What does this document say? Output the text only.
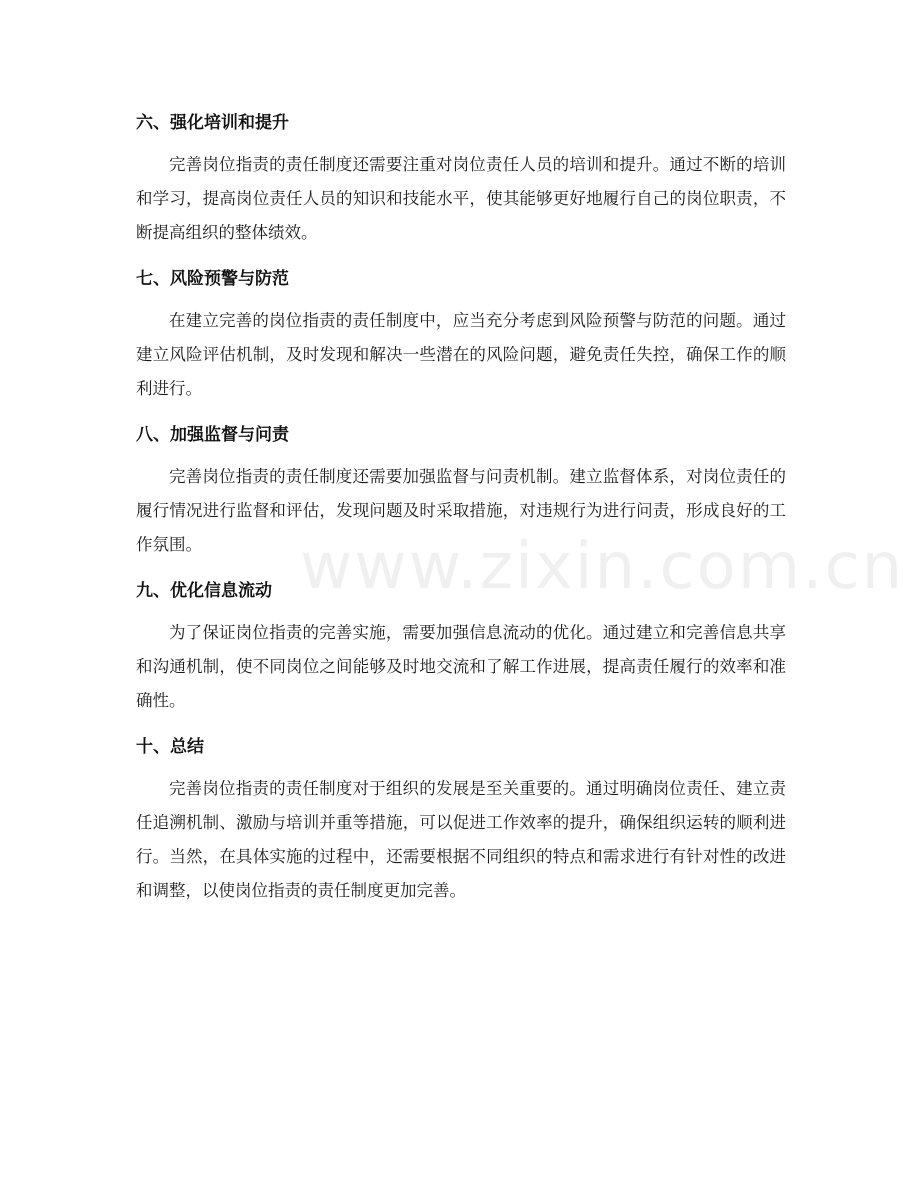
六、强化培训和提升

完善岗位指责的责任制度还需要注重对岗位责任人员的培训和提升。通过不断的培训和学习，提高岗位责任人员的知识和技能水平，使其能够更好地履行自己的岗位职责，不断提高组织的整体绩效。

七、风险预警与防范

在建立完善的岗位指责的责任制度中，应当充分考虑到风险预警与防范的问题。通过建立风险评估机制，及时发现和解决一些潜在的风险问题，避免责任失控，确保工作的顺利进行。

八、加强监督与问责

完善岗位指责的责任制度还需要加强监督与问责机制。建立监督体系，对岗位责任的履行情况进行监督和评估，发现问题及时采取措施，对违规行为进行问责，形成良好的工作氛围。

九、优化信息流动

为了保证岗位指责的完善实施，需要加强信息流动的优化。通过建立和完善信息共享和沟通机制，使不同岗位之间能够及时地交流和了解工作进展，提高责任履行的效率和准确性。

十、总结

完善岗位指责的责任制度对于组织的发展是至关重要的。通过明确岗位责任、建立责任追溯机制、激励与培训并重等措施，可以促进工作效率的提升，确保组织运转的顺利进行。当然，在具体实施的过程中，还需要根据不同组织的特点和需求进行有针对性的改进和调整，以使岗位指责的责任制度更加完善。

www.zixin.com.cn
